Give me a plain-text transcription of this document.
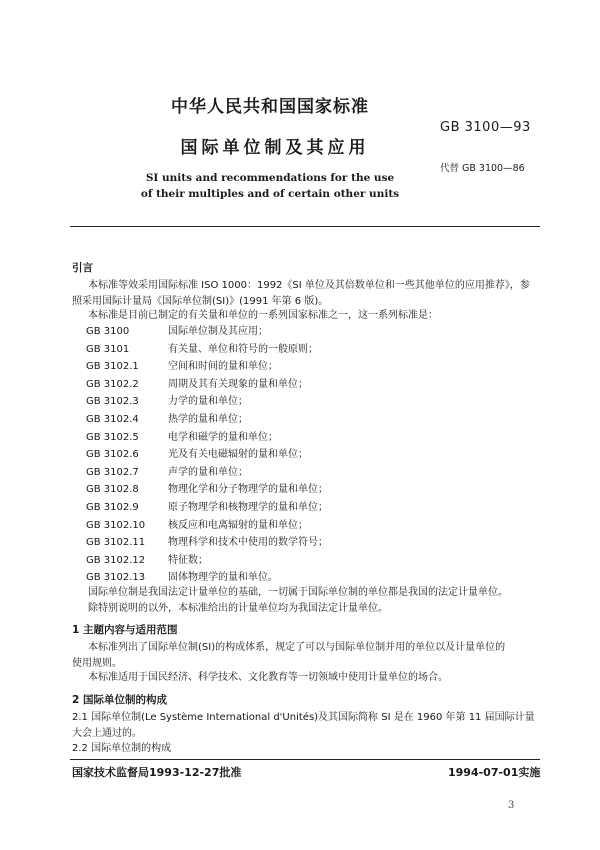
中华人民共和国国家标准
GB 3100—93
国际单位制及其应用
代替 GB 3100—86
SI units and recommendations for the use
of their multiples and of certain other units
引言
本标准等效采用国际标准 ISO 1000：1992《SI 单位及其倍数单位和一些其他单位的应用推荐》，参
照采用国际计量局《国际单位制(SI)》(1991 年第 6 版)。
本标准是目前已制定的有关量和单位的一系列国家标准之一，这一系列标准是：
GB 3100	国际单位制及其应用；
GB 3101	有关量、单位和符号的一般原则；
GB 3102.1	空间和时间的量和单位；
GB 3102.2	周期及其有关现象的量和单位；
GB 3102.3	力学的量和单位；
GB 3102.4	热学的量和单位；
GB 3102.5	电学和磁学的量和单位；
GB 3102.6	光及有关电磁辐射的量和单位；
GB 3102.7	声学的量和单位；
GB 3102.8	物理化学和分子物理学的量和单位；
GB 3102.9	原子物理学和核物理学的量和单位；
GB 3102.10 核反应和电离辐射的量和单位；
GB 3102.11 物理科学和技术中使用的数学符号；
GB 3102.12 特征数；
GB 3102.13 固体物理学的量和单位。
国际单位制是我国法定计量单位的基础，一切属于国际单位制的单位都是我国的法定计量单位。
除特别说明的以外，本标准给出的计量单位均为我国法定计量单位。
1 主题内容与适用范围
本标准列出了国际单位制(SI)的构成体系，规定了可以与国际单位制并用的单位以及计量单位的
使用规则。
本标准适用于国民经济、科学技术、文化教育等一切领域中使用计量单位的场合。
2 国际单位制的构成
2.1 国际单位制(Le Système International d'Unités)及其国际简称 SI 是在 1960 年第 11 届国际计量
大会上通过的。
2.2 国际单位制的构成
国家技术监督局1993-12-27批准	1994-07-01实施
3
